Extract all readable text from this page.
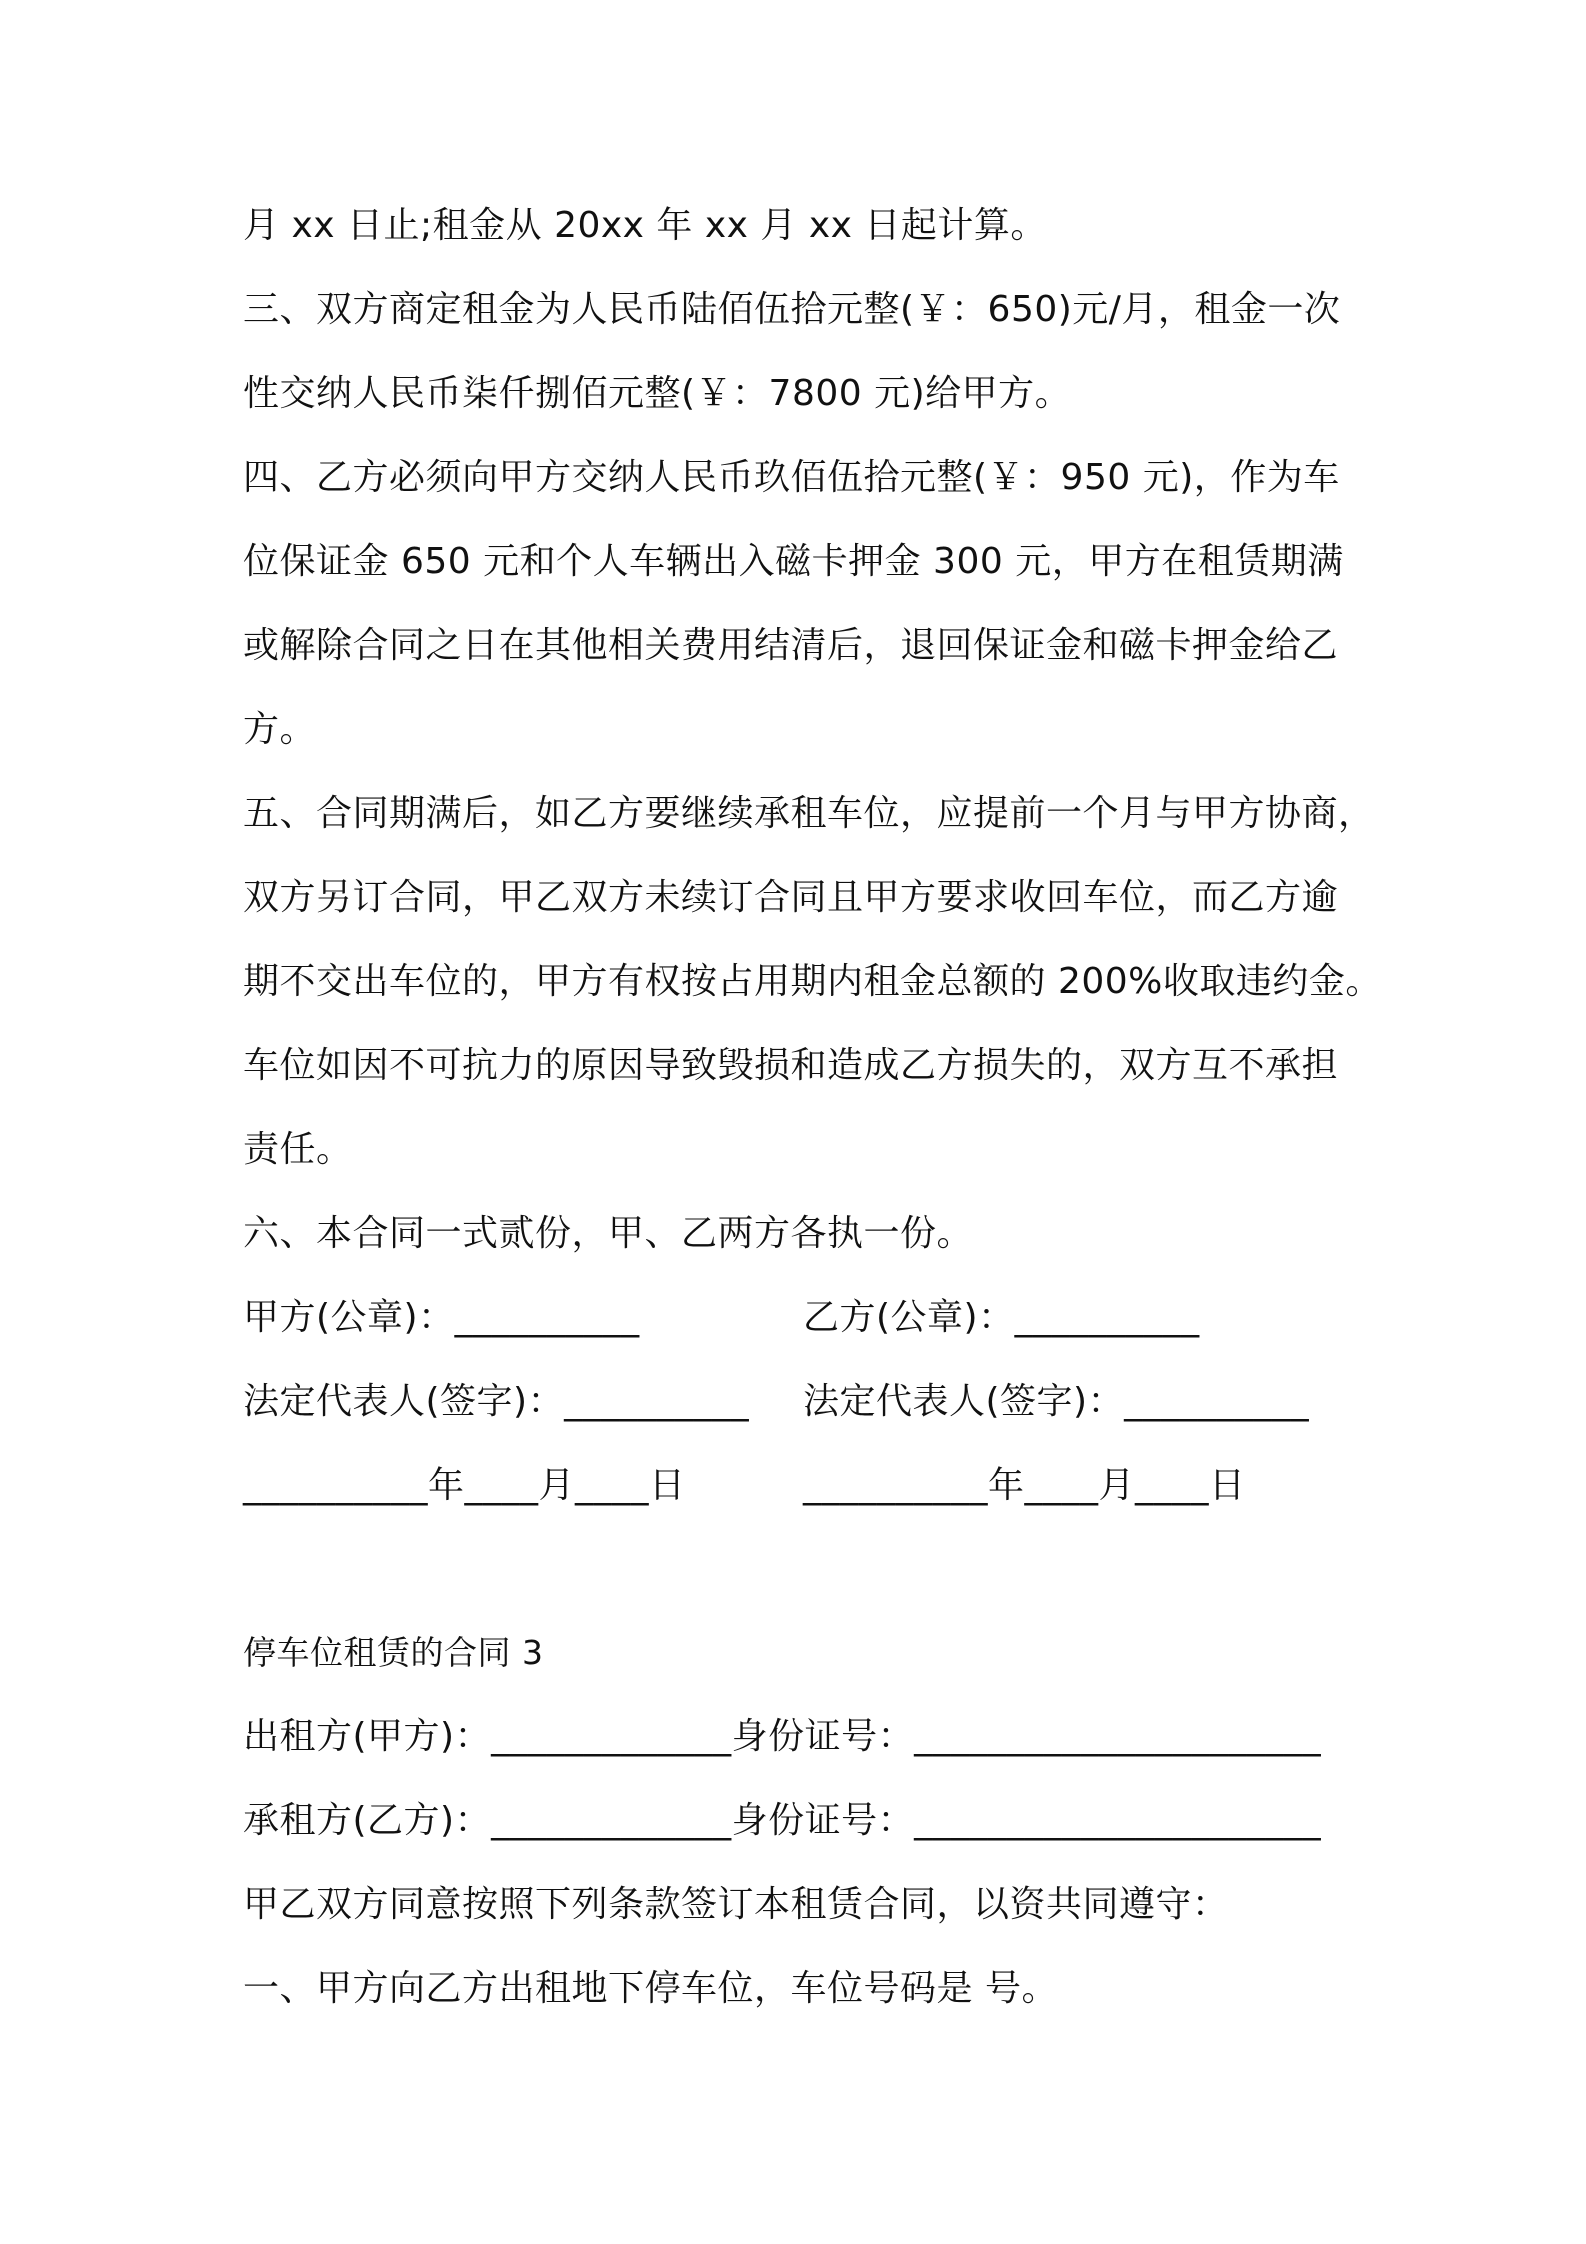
月 xx 日止;租金从 20xx 年 xx 月 xx 日起计算。
三、双方商定租金为人民币陆佰伍拾元整(￥：650)元/月，租金一次
性交纳人民币柒仟捌佰元整(￥：7800 元)给甲方。
四、乙方必须向甲方交纳人民币玖佰伍拾元整(￥：950 元)，作为车
位保证金 650 元和个人车辆出入磁卡押金 300 元，甲方在租赁期满
或解除合同之日在其他相关费用结清后，退回保证金和磁卡押金给乙
方。
五、合同期满后，如乙方要继续承租车位，应提前一个月与甲方协商，
双方另订合同，甲乙双方未续订合同且甲方要求收回车位，而乙方逾
期不交出车位的，甲方有权按占用期内租金总额的 200%收取违约金。
车位如因不可抗力的原因导致毁损和造成乙方损失的，双方互不承担
责任。
六、本合同一式贰份，甲、乙两方各执一份。
甲方(公章)：__________	乙方(公章)：__________
法定代表人(签字)：__________ 法定代表人(签字)：__________
__________年____月____日	__________年____月____日
停车位租赁的合同 3
出租方(甲方)：_____________身份证号：______________________
承租方(乙方)：_____________身份证号：______________________
甲乙双方同意按照下列条款签订本租赁合同，以资共同遵守：
一、甲方向乙方出租地下停车位，车位号码是 号。
